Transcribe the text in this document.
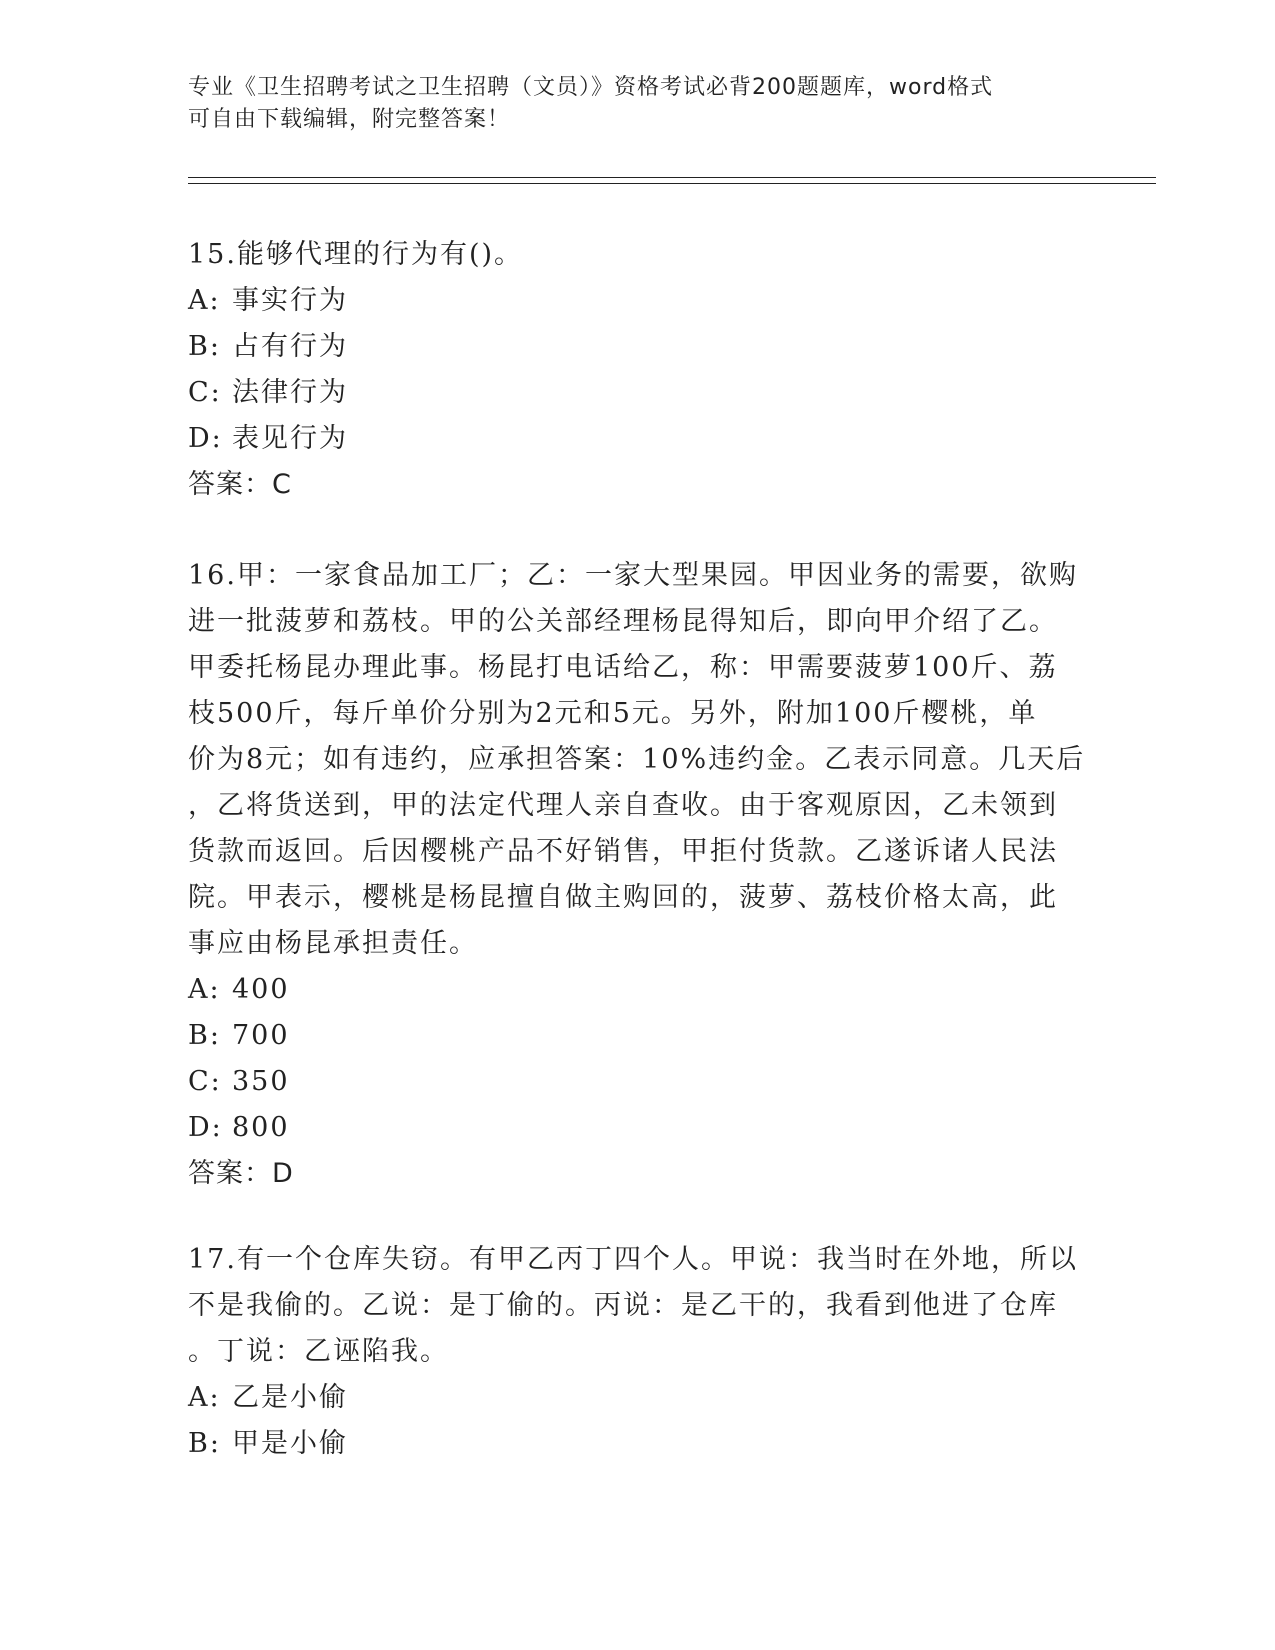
专业《卫生招聘考试之卫生招聘（文员）》资格考试必背200题题库，word格式
可自由下载编辑，附完整答案！
15.能够代理的行为有()。
A: 事实行为
B: 占有行为
C: 法律行为
D: 表见行为
答案：C
16.甲：一家食品加工厂；乙：一家大型果园。甲因业务的需要，欲购
进一批菠萝和荔枝。甲的公关部经理杨昆得知后，即向甲介绍了乙。
甲委托杨昆办理此事。杨昆打电话给乙，称：甲需要菠萝100斤、荔
枝500斤，每斤单价分别为2元和5元。另外，附加100斤樱桃，单
价为8元；如有违约，应承担答案：10%违约金。乙表示同意。几天后
，乙将货送到，甲的法定代理人亲自查收。由于客观原因，乙未领到
货款而返回。后因樱桃产品不好销售，甲拒付货款。乙遂诉诸人民法
院。甲表示，樱桃是杨昆擅自做主购回的，菠萝、荔枝价格太高，此
事应由杨昆承担责任。
A: 400
B: 700
C: 350
D: 800
答案：D
17.有一个仓库失窃。有甲乙丙丁四个人。甲说：我当时在外地，所以
不是我偷的。乙说：是丁偷的。丙说：是乙干的，我看到他进了仓库
。丁说：乙诬陷我。
A: 乙是小偷
B: 甲是小偷
